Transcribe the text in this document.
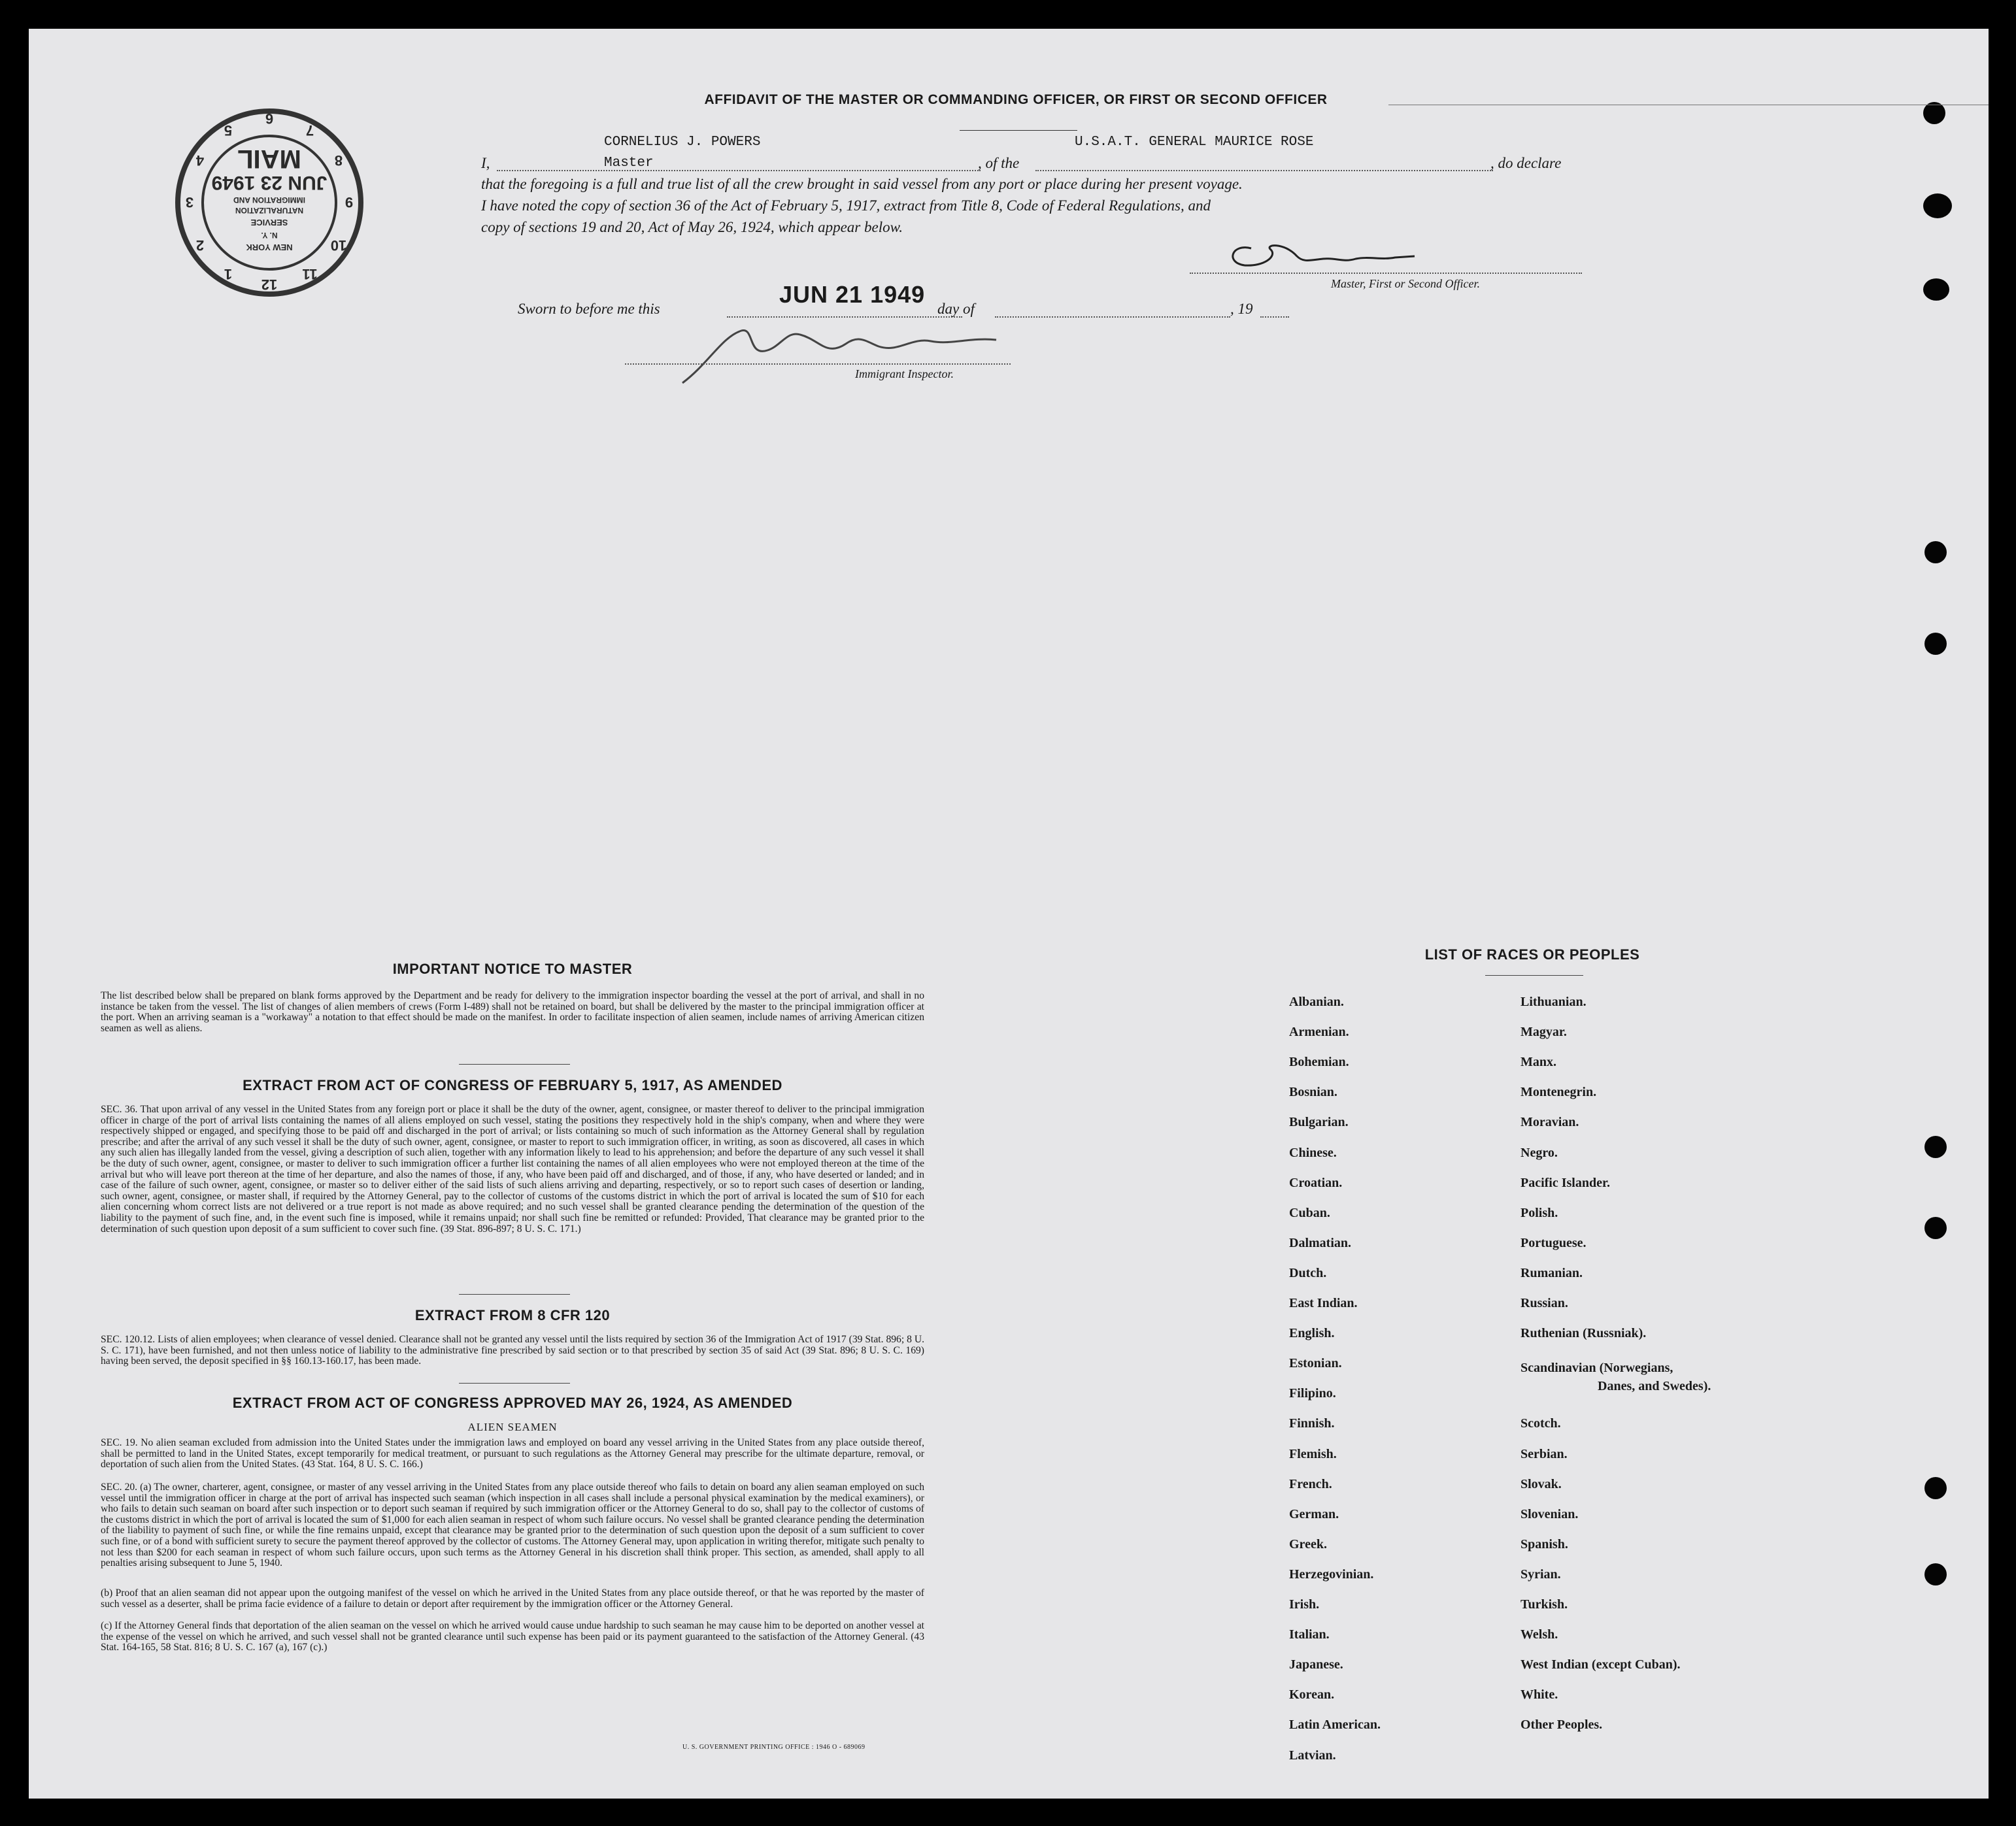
NEW YORK
N. Y.
SERVICE
NATURALIZATION
IMMIGRATION AND
JUN 23 1949
MAIL
12
1
2
3
4
5
6
7
8
9
10
11
AFFIDAVIT OF THE MASTER OR COMMANDING OFFICER, OR FIRST OR SECOND OFFICER
CORNELIUS J. POWERS	U.S.A.T. GENERAL MAURICE ROSE
I,	Master	, of the	, do declare
that the foregoing is a full and true list of all the crew brought in said vessel from any port or place during her present voyage.
I have noted the copy of section 36 of the Act of February 5, 1917, extract from Title 8, Code of Federal Regulations, and
copy of sections 19 and 20, Act of May 26, 1924, which appear below.
Master, First or Second Officer.
Sworn to before me this
JUN 21 1949
day of	, 19
Immigrant Inspector.
IMPORTANT NOTICE TO MASTER
The list described below shall be prepared on blank forms approved by the Department and be ready for delivery to the immigration inspector boarding the vessel at the port of arrival, and shall in no instance be taken from the vessel. The list of changes of alien members of crews (Form I-489) shall not be retained on board, but shall be delivered by the master to the principal immigration officer at the port. When an arriving seaman is a "workaway" a notation to that effect should be made on the manifest. In order to facilitate inspection of alien seamen, include names of arriving American citizen seamen as well as aliens.
EXTRACT FROM ACT OF CONGRESS OF FEBRUARY 5, 1917, AS AMENDED
SEC. 36. That upon arrival of any vessel in the United States from any foreign port or place it shall be the duty of the owner, agent, consignee, or master thereof to deliver to the principal immigration officer in charge of the port of arrival lists containing the names of all aliens employed on such vessel, stating the positions they respectively hold in the ship's company, when and where they were respectively shipped or engaged, and specifying those to be paid off and discharged in the port of arrival; or lists containing so much of such information as the Attorney General shall by regulation prescribe; and after the arrival of any such vessel it shall be the duty of such owner, agent, consignee, or master to report to such immigration officer, in writing, as soon as discovered, all cases in which any such alien has illegally landed from the vessel, giving a description of such alien, together with any information likely to lead to his apprehension; and before the departure of any such vessel it shall be the duty of such owner, agent, consignee, or master to deliver to such immigration officer a further list containing the names of all alien employees who were not employed thereon at the time of the arrival but who will leave port thereon at the time of her departure, and also the names of those, if any, who have been paid off and discharged, and of those, if any, who have deserted or landed; and in case of the failure of such owner, agent, consignee, or master so to deliver either of the said lists of such aliens arriving and departing, respectively, or so to report such cases of desertion or landing, such owner, agent, consignee, or master shall, if required by the Attorney General, pay to the collector of customs of the customs district in which the port of arrival is located the sum of $10 for each alien concerning whom correct lists are not delivered or a true report is not made as above required; and no such vessel shall be granted clearance pending the determination of the question of the liability to the payment of such fine, and, in the event such fine is imposed, while it remains unpaid; nor shall such fine be remitted or refunded: Provided, That clearance may be granted prior to the determination of such question upon deposit of a sum sufficient to cover such fine. (39 Stat. 896-897; 8 U. S. C. 171.)
EXTRACT FROM 8 CFR 120
SEC. 120.12. Lists of alien employees; when clearance of vessel denied. Clearance shall not be granted any vessel until the lists required by section 36 of the Immigration Act of 1917 (39 Stat. 896; 8 U. S. C. 171), have been furnished, and not then unless notice of liability to the administrative fine prescribed by said section or to that prescribed by section 35 of said Act (39 Stat. 896; 8 U. S. C. 169) having been served, the deposit specified in §§ 160.13-160.17, has been made.
EXTRACT FROM ACT OF CONGRESS APPROVED MAY 26, 1924, AS AMENDED
ALIEN SEAMEN
SEC. 19. No alien seaman excluded from admission into the United States under the immigration laws and employed on board any vessel arriving in the United States from any place outside thereof, shall be permitted to land in the United States, except temporarily for medical treatment, or pursuant to such regulations as the Attorney General may prescribe for the ultimate departure, removal, or deportation of such alien from the United States. (43 Stat. 164, 8 U. S. C. 166.)
SEC. 20. (a) The owner, charterer, agent, consignee, or master of any vessel arriving in the United States from any place outside thereof who fails to detain on board any alien seaman employed on such vessel until the immigration officer in charge at the port of arrival has inspected such seaman (which inspection in all cases shall include a personal physical examination by the medical examiners), or who fails to detain such seaman on board after such inspection or to deport such seaman if required by such immigration officer or the Attorney General to do so, shall pay to the collector of customs of the customs district in which the port of arrival is located the sum of $1,000 for each alien seaman in respect of whom such failure occurs. No vessel shall be granted clearance pending the determination of the liability to payment of such fine, or while the fine remains unpaid, except that clearance may be granted prior to the determination of such question upon the deposit of a sum sufficient to cover such fine, or of a bond with sufficient surety to secure the payment thereof approved by the collector of customs. The Attorney General may, upon application in writing therefor, mitigate such penalty to not less than $200 for each seaman in respect of whom such failure occurs, upon such terms as the Attorney General in his discretion shall think proper. This section, as amended, shall apply to all penalties arising subsequent to June 5, 1940.
(b) Proof that an alien seaman did not appear upon the outgoing manifest of the vessel on which he arrived in the United States from any place outside thereof, or that he was reported by the master of such vessel as a deserter, shall be prima facie evidence of a failure to detain or deport after requirement by the immigration officer or the Attorney General.
(c) If the Attorney General finds that deportation of the alien seaman on the vessel on which he arrived would cause undue hardship to such seaman he may cause him to be deported on another vessel at the expense of the vessel on which he arrived, and such vessel shall not be granted clearance until such expense has been paid or its payment guaranteed to the satisfaction of the Attorney General. (43 Stat. 164-165, 58 Stat. 816; 8 U. S. C. 167 (a), 167 (c).)
U. S. GOVERNMENT PRINTING OFFICE : 1946 O - 689069
LIST OF RACES OR PEOPLES
Albanian.
Armenian.
Bohemian.
Bosnian.
Bulgarian.
Chinese.
Croatian.
Cuban.
Dalmatian.
Dutch.
East Indian.
English.
Estonian.
Filipino.
Finnish.
Flemish.
French.
German.
Greek.
Herzegovinian.
Irish.
Italian.
Japanese.
Korean.
Latin American.
Latvian.
Lithuanian.
Magyar.
Manx.
Montenegrin.
Moravian.
Negro.
Pacific Islander.
Polish.
Portuguese.
Rumanian.
Russian.
Ruthenian (Russniak).
Scandinavian (Norwegians,
Danes, and Swedes).
Scotch.
Serbian.
Slovak.
Slovenian.
Spanish.
Syrian.
Turkish.
Welsh.
West Indian (except Cuban).
White.
Other Peoples.
